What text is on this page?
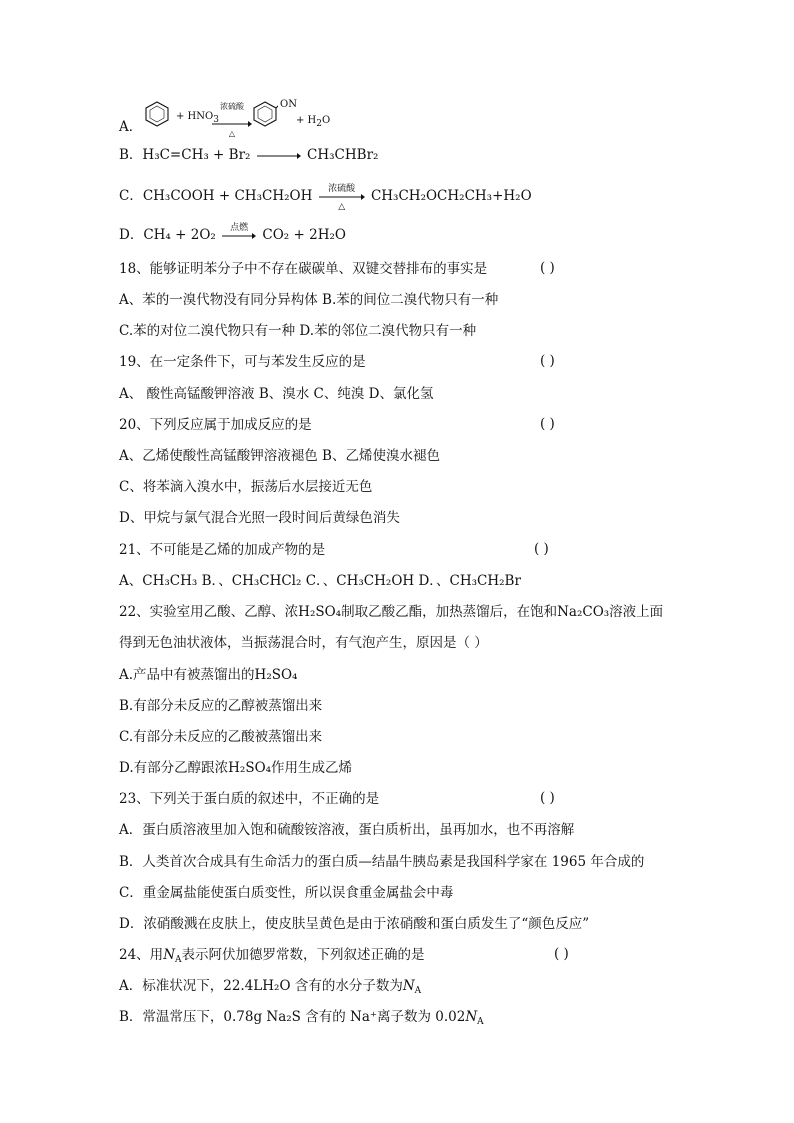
A．
+ HNO3
浓硫酸
△
ON
+ H2O
B．H₃C=CH₃ + Br₂	CH₃CHBr₂
C．CH₃COOH + CH₃CH₂OH	浓硫酸
△
CH₃CH₂OCH₂CH₃+H₂O
D．CH₄ + 2O₂	点燃	CO₂ + 2H₂O
18、能够证明苯分子中不存在碳碳单、双键交替排布的事实是	( )
A、苯的一溴代物没有同分异构体 B.苯的间位二溴代物只有一种
C.苯的对位二溴代物只有一种 D.苯的邻位二溴代物只有一种
19、在一定条件下，可与苯发生反应的是	( )
A、 酸性高锰酸钾溶液 B、溴水 C、纯溴 D、氯化氢
20、下列反应属于加成反应的是	( )
A、乙烯使酸性高锰酸钾溶液褪色 B、乙烯使溴水褪色
C、将苯滴入溴水中，振荡后水层接近无色
D、甲烷与氯气混合光照一段时间后黄绿色消失
21、不可能是乙烯的加成产物的是	( )
A、CH₃CH₃ B．、CH₃CHCl₂ C．、CH₃CH₂OH D．、CH₃CH₂Br
22、实验室用乙酸、乙醇、浓H₂SO₄制取乙酸乙酯，加热蒸馏后，在饱和Na₂CO₃溶液上面
得到无色油状液体，当振荡混合时，有气泡产生，原因是（ ）
A.产品中有被蒸馏出的H₂SO₄
B.有部分未反应的乙醇被蒸馏出来
C.有部分未反应的乙酸被蒸馏出来
D.有部分乙醇跟浓H₂SO₄作用生成乙烯
23、下列关于蛋白质的叙述中，不正确的是	( )
A．蛋白质溶液里加入饱和硫酸铵溶液，蛋白质析出，虽再加水，也不再溶解
B．人类首次合成具有生命活力的蛋白质—结晶牛胰岛素是我国科学家在 1965 年合成的
C．重金属盐能使蛋白质变性，所以误食重金属盐会中毒
D．浓硝酸溅在皮肤上，使皮肤呈黄色是由于浓硝酸和蛋白质发生了“颜色反应”
24、用$N_A$表示阿伏加德罗常数，下列叙述正确的是	( )
A．标准状况下，22.4LH₂O 含有的水分子数为$N_A$
B．常温常压下，0.78g Na₂S 含有的 Na⁺离子数为 $0.02N_A$
